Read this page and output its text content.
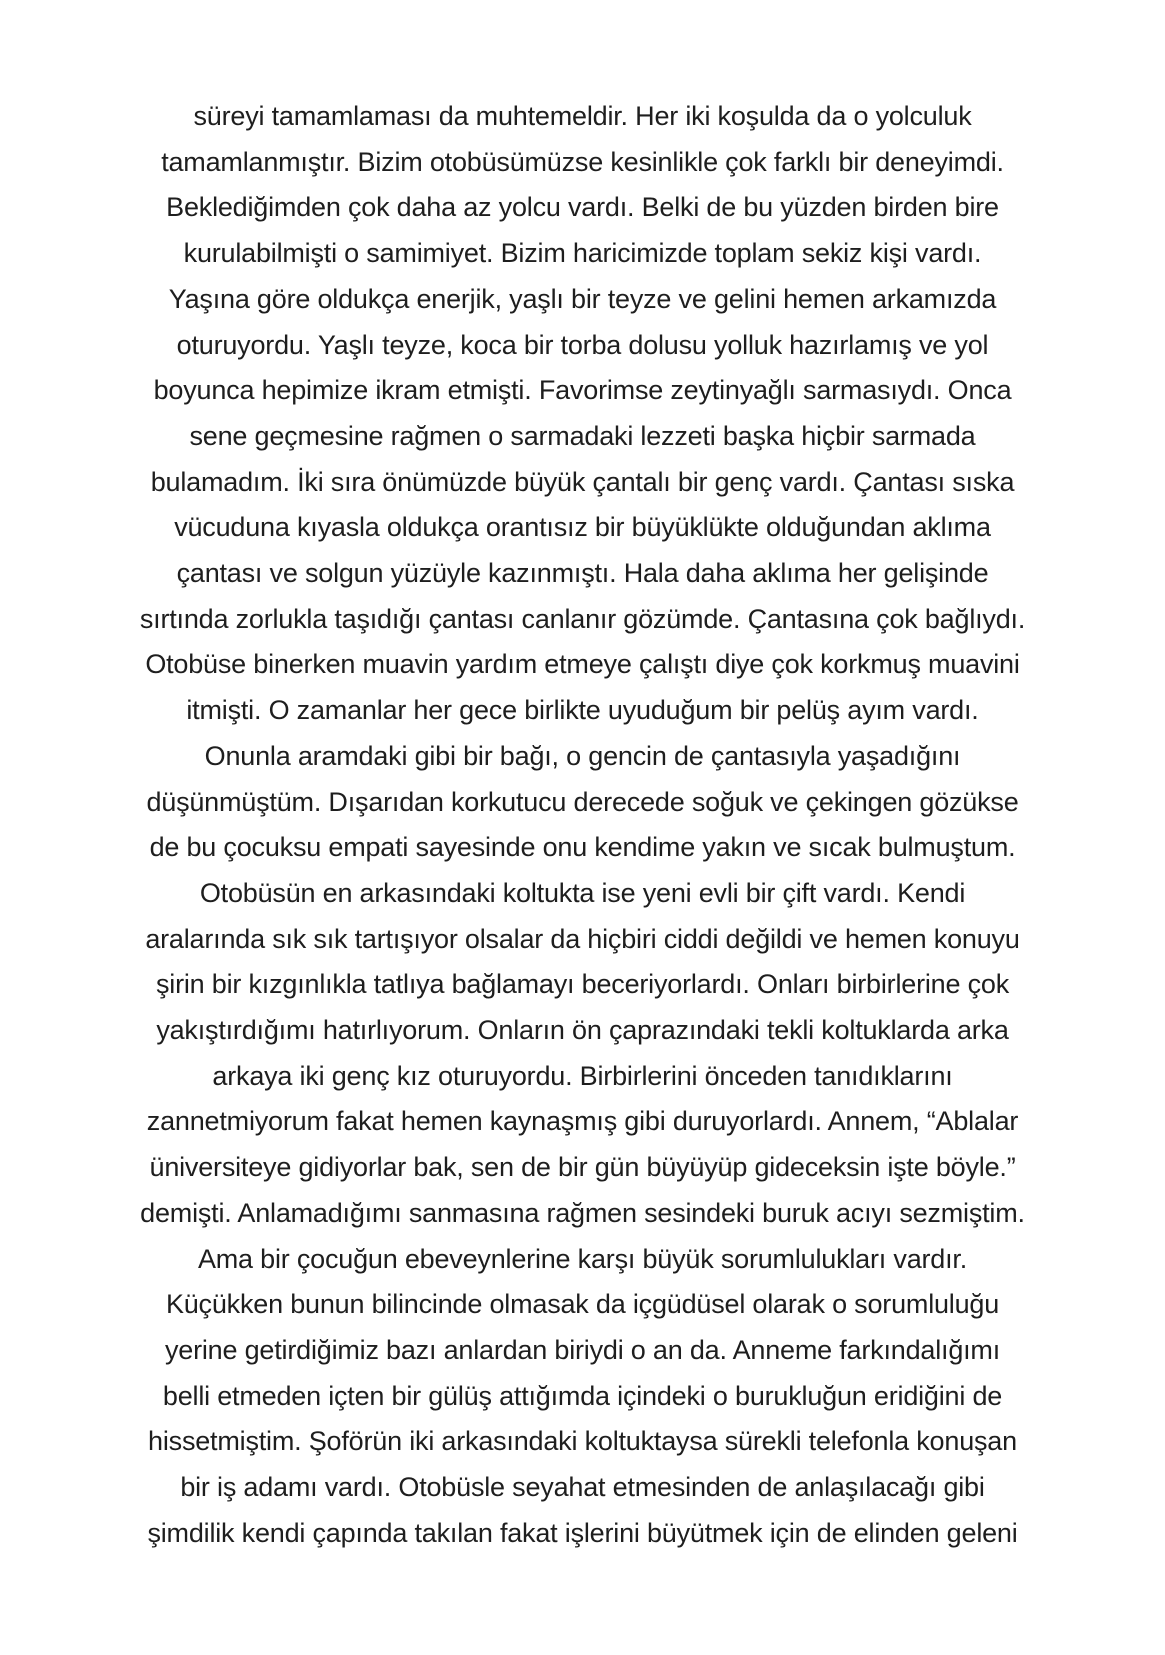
süreyi tamamlaması da muhtemeldir. Her iki koşulda da o yolculuk
tamamlanmıştır. Bizim otobüsümüzse kesinlikle çok farklı bir deneyimdi.
Beklediğimden çok daha az yolcu vardı. Belki de bu yüzden birden bire
kurulabilmişti o samimiyet. Bizim haricimizde toplam sekiz kişi vardı.
Yaşına göre oldukça enerjik, yaşlı bir teyze ve gelini hemen arkamızda
oturuyordu. Yaşlı teyze, koca bir torba dolusu yolluk hazırlamış ve yol
boyunca hepimize ikram etmişti. Favorimse zeytinyağlı sarmasıydı. Onca
sene geçmesine rağmen o sarmadaki lezzeti başka hiçbir sarmada
bulamadım. İki sıra önümüzde büyük çantalı bir genç vardı. Çantası sıska
vücuduna kıyasla oldukça orantısız bir büyüklükte olduğundan aklıma
çantası ve solgun yüzüyle kazınmıştı. Hala daha aklıma her gelişinde
sırtında zorlukla taşıdığı çantası canlanır gözümde. Çantasına çok bağlıydı.
Otobüse binerken muavin yardım etmeye çalıştı diye çok korkmuş muavini
itmişti. O zamanlar her gece birlikte uyuduğum bir pelüş ayım vardı.
Onunla aramdaki gibi bir bağı, o gencin de çantasıyla yaşadığını
düşünmüştüm. Dışarıdan korkutucu derecede soğuk ve çekingen gözükse
de bu çocuksu empati sayesinde onu kendime yakın ve sıcak bulmuştum.
Otobüsün en arkasındaki koltukta ise yeni evli bir çift vardı. Kendi
aralarında sık sık tartışıyor olsalar da hiçbiri ciddi değildi ve hemen konuyu
şirin bir kızgınlıkla tatlıya bağlamayı beceriyorlardı. Onları birbirlerine çok
yakıştırdığımı hatırlıyorum. Onların ön çaprazındaki tekli koltuklarda arka
arkaya iki genç kız oturuyordu. Birbirlerini önceden tanıdıklarını
zannetmiyorum fakat hemen kaynaşmış gibi duruyorlardı. Annem, “Ablalar
üniversiteye gidiyorlar bak, sen de bir gün büyüyüp gideceksin işte böyle.”
demişti. Anlamadığımı sanmasına rağmen sesindeki buruk acıyı sezmiştim.
Ama bir çocuğun ebeveynlerine karşı büyük sorumlulukları vardır.
Küçükken bunun bilincinde olmasak da içgüdüsel olarak o sorumluluğu
yerine getirdiğimiz bazı anlardan biriydi o an da. Anneme farkındalığımı
belli etmeden içten bir gülüş attığımda içindeki o burukluğun eridiğini de
hissetmiştim. Şoförün iki arkasındaki koltuktaysa sürekli telefonla konuşan
bir iş adamı vardı. Otobüsle seyahat etmesinden de anlaşılacağı gibi
şimdilik kendi çapında takılan fakat işlerini büyütmek için de elinden geleni
